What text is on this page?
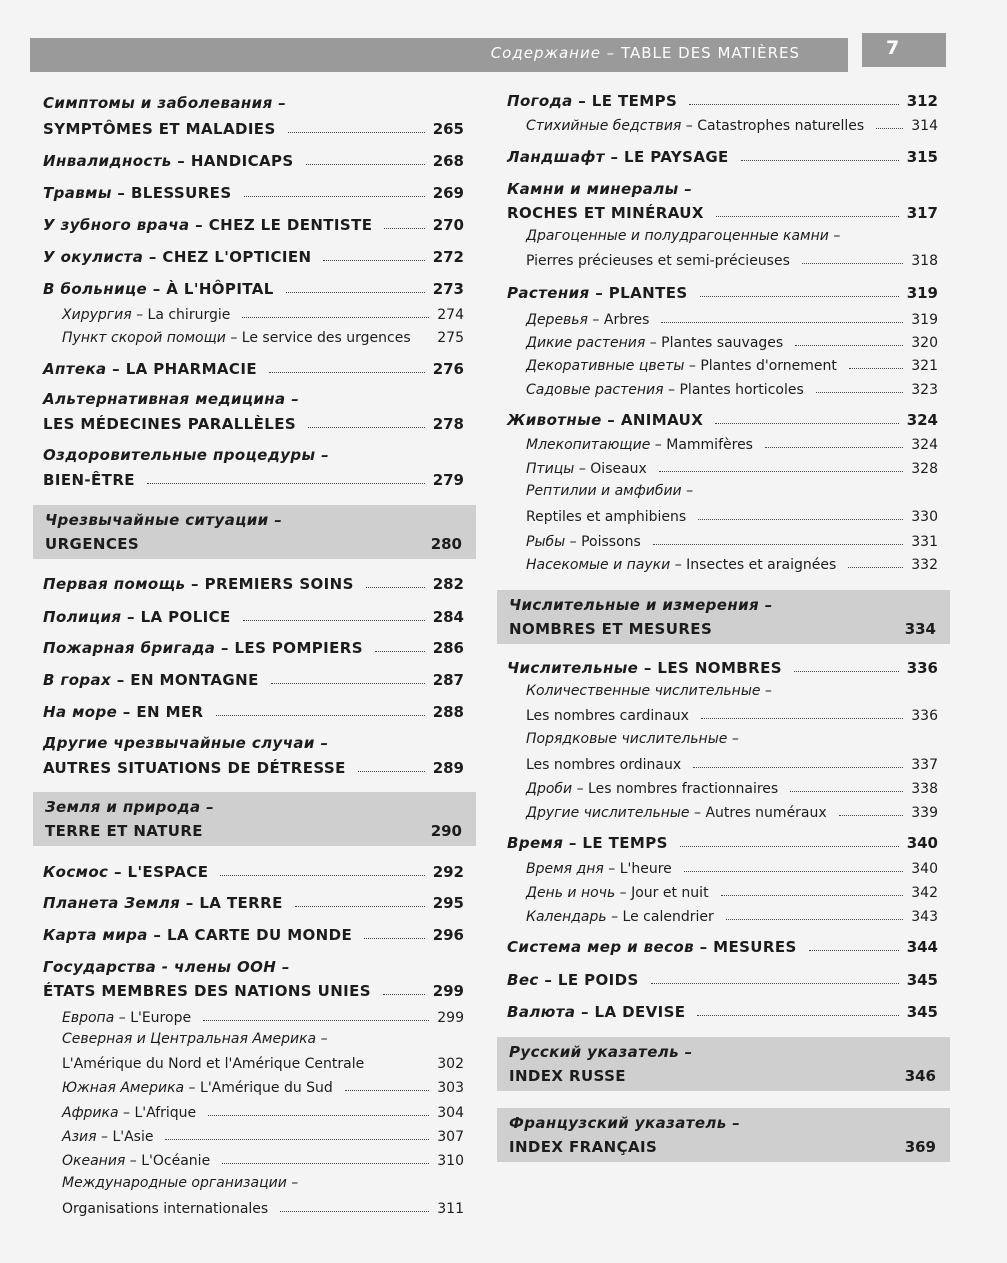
Содержание – TABLE DES MATIÈRES	7
Симптомы и заболевания –
SYMPTÔMES ET MALADIES	265
Инвалидность – HANDICAPS	268
Травмы – BLESSURES	269
У зубного врача – CHEZ LE DENTISTE	270
У окулиста – CHEZ L'OPTICIEN	272
В больнице – À L'HÔPITAL	273
Хирургия – La chirurgie	274
Пункт скорой помощи – Le service des urgences 275
Аптека – LA PHARMACIE	276
Альтернативная медицина –
LES MÉDECINES PARALLÈLES	278
Оздоровительные процедуры –
BIEN-ÊTRE	279
Чрезвычайные ситуации –
URGENCES	280
Первая помощь – PREMIERS SOINS	282
Полиция – LA POLICE	284
Пожарная бригада – LES POMPIERS	286
В горах – EN MONTAGNE	287
На море – EN MER	288
Другие чрезвычайные случаи –
AUTRES SITUATIONS DE DÉTRESSE	289
Земля и природа –
TERRE ET NATURE	290
Космос – L'ESPACE	292
Планета Земля – LA TERRE	295
Карта мира – LA CARTE DU MONDE	296
Государства - члены ООН –
ÉTATS MEMBRES DES NATIONS UNIES	299
Европа – L'Europe	299
Северная и Центральная Америка –
L'Amérique du Nord et l'Amérique Centrale	302
Южная Америка – L'Amérique du Sud	303
Африка – L'Afrique	304
Азия – L'Asie	307
Океания – L'Océanie	310
Международные организации –
Organisations internationales	311
Погода – LE TEMPS	312
Стихийные бедствия – Catastrophes naturelles	314
Ландшафт – LE PAYSAGE	315
Камни и минералы –
ROCHES ET MINÉRAUX	317
Драгоценные и полудрагоценные камни –
Pierres précieuses et semi-précieuses	318
Растения – PLANTES	319
Деревья – Arbres	319
Дикие растения – Plantes sauvages	320
Декоративные цветы – Plantes d'ornement	321
Садовые растения – Plantes horticoles	323
Животные – ANIMAUX	324
Млекопитающие – Mammifères	324
Птицы – Oiseaux	328
Рептилии и амфибии –
Reptiles et amphibiens	330
Рыбы – Poissons	331
Насекомые и пауки – Insectes et araignées	332
Числительные и измерения –
NOMBRES ET MESURES	334
Числительные – LES NOMBRES	336
Количественные числительные –
Les nombres cardinaux	336
Порядковые числительные –
Les nombres ordinaux	337
Дроби – Les nombres fractionnaires	338
Другие числительные – Autres numéraux	339
Время – LE TEMPS	340
Время дня – L'heure	340
День и ночь – Jour et nuit	342
Календарь – Le calendrier	343
Система мер и весов – MESURES	344
Вес – LE POIDS	345
Валюта – LA DEVISE	345
Русский указатель –
INDEX RUSSE	346
Французский указатель –
INDEX FRANÇAIS	369
